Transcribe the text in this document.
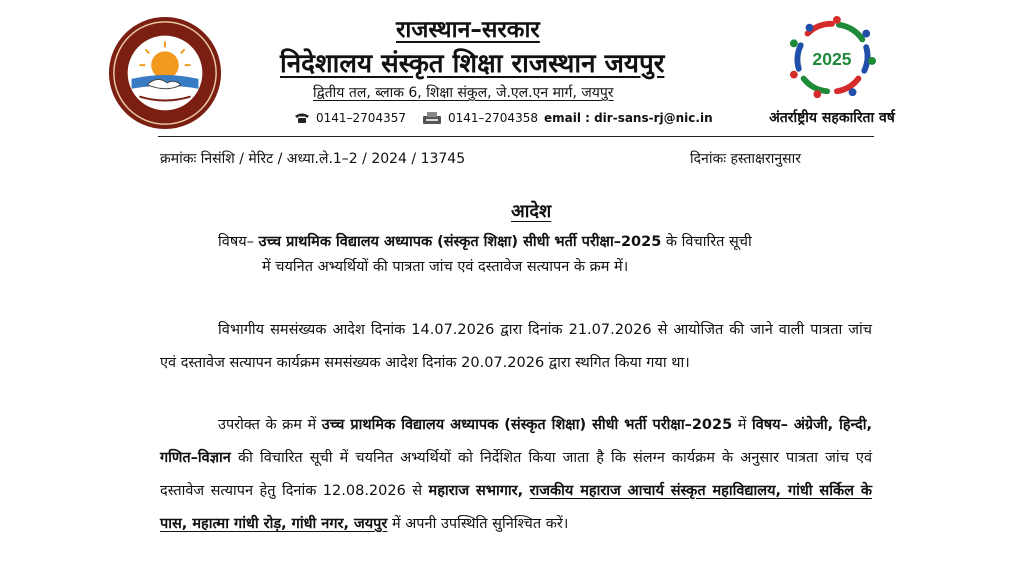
राजस्थान–सरकार
निदेशालय संस्कृत शिक्षा राजस्थान जयपुर
द्वितीय तल, ब्लाक 6, शिक्षा संकुल, जे.एल.एन मार्ग, जयपुर
0141–2704357	0141–2704358 email : dir-sans-rj@nic.in
2025
अंतर्राष्ट्रीय सहकारिता वर्ष
क्रमांकः निसंशि / मेरिट / अध्या.ले.1–2 / 2024 / 13745	दिनांकः हस्ताक्षरानुसार
आदेश
विषय– उच्च प्राथमिक विद्यालय अध्यापक (संस्कृत शिक्षा) सीधी भर्ती परीक्षा–2025 के विचारित सूची
में चयनित अभ्यर्थियों की पात्रता जांच एवं दस्तावेज सत्यापन के क्रम में।
विभागीय समसंख्यक आदेश दिनांक 14.07.2026 द्वारा दिनांक 21.07.2026 से आयोजित की जाने वाली पात्रता जांच एवं दस्तावेज सत्यापन कार्यक्रम समसंख्यक आदेश दिनांक 20.07.2026 द्वारा स्थगित किया गया था।
उपरोक्त के क्रम में उच्च प्राथमिक विद्यालय अध्यापक (संस्कृत शिक्षा) सीधी भर्ती परीक्षा–2025 में विषय– अंग्रेजी, हिन्दी, गणित–विज्ञान की विचारित सूची में चयनित अभ्यर्थियों को निर्देशित किया जाता है कि संलग्न कार्यक्रम के अनुसार पात्रता जांच एवं दस्तावेज सत्यापन हेतु दिनांक 12.08.2026 से महाराज सभागार, राजकीय महाराज आचार्य संस्कृत महाविद्यालय, गांधी सर्किल के पास, महात्मा गांधी रोड़, गांधी नगर, जयपुर में अपनी उपस्थिति सुनिश्चित करें।
